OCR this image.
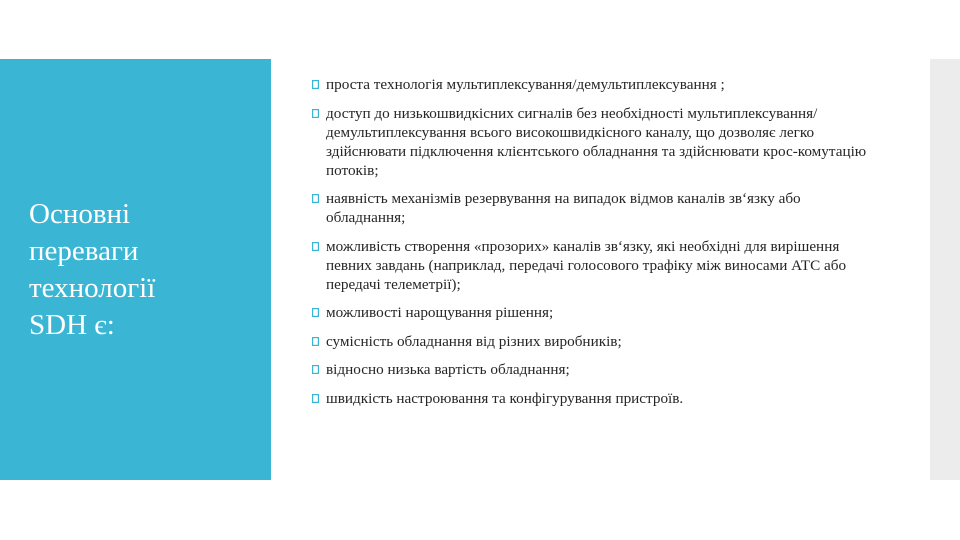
Основні
переваги
технології
SDH є:
проста технологія мультиплексування/демультиплексування ;
доступ до низькошвидкісних сигналів без необхідності мультиплексування/демультиплексування всього високошвидкісного каналу, що дозволяє легко здійснювати підключення клієнтського обладнання та здійснювати крос-комутацію потоків;
наявність механізмів резервування на випадок відмов каналів зв‘язку або обладнання;
можливість створення «прозорих» каналів зв‘язку, які необхідні для вирішення певних завдань (наприклад, передачі голосового трафіку між виносами АТС або передачі телеметрії);
можливості нарощування рішення;
сумісність обладнання від різних виробників;
відносно низька вартість обладнання;
швидкість настроювання та конфігурування пристроїв.
